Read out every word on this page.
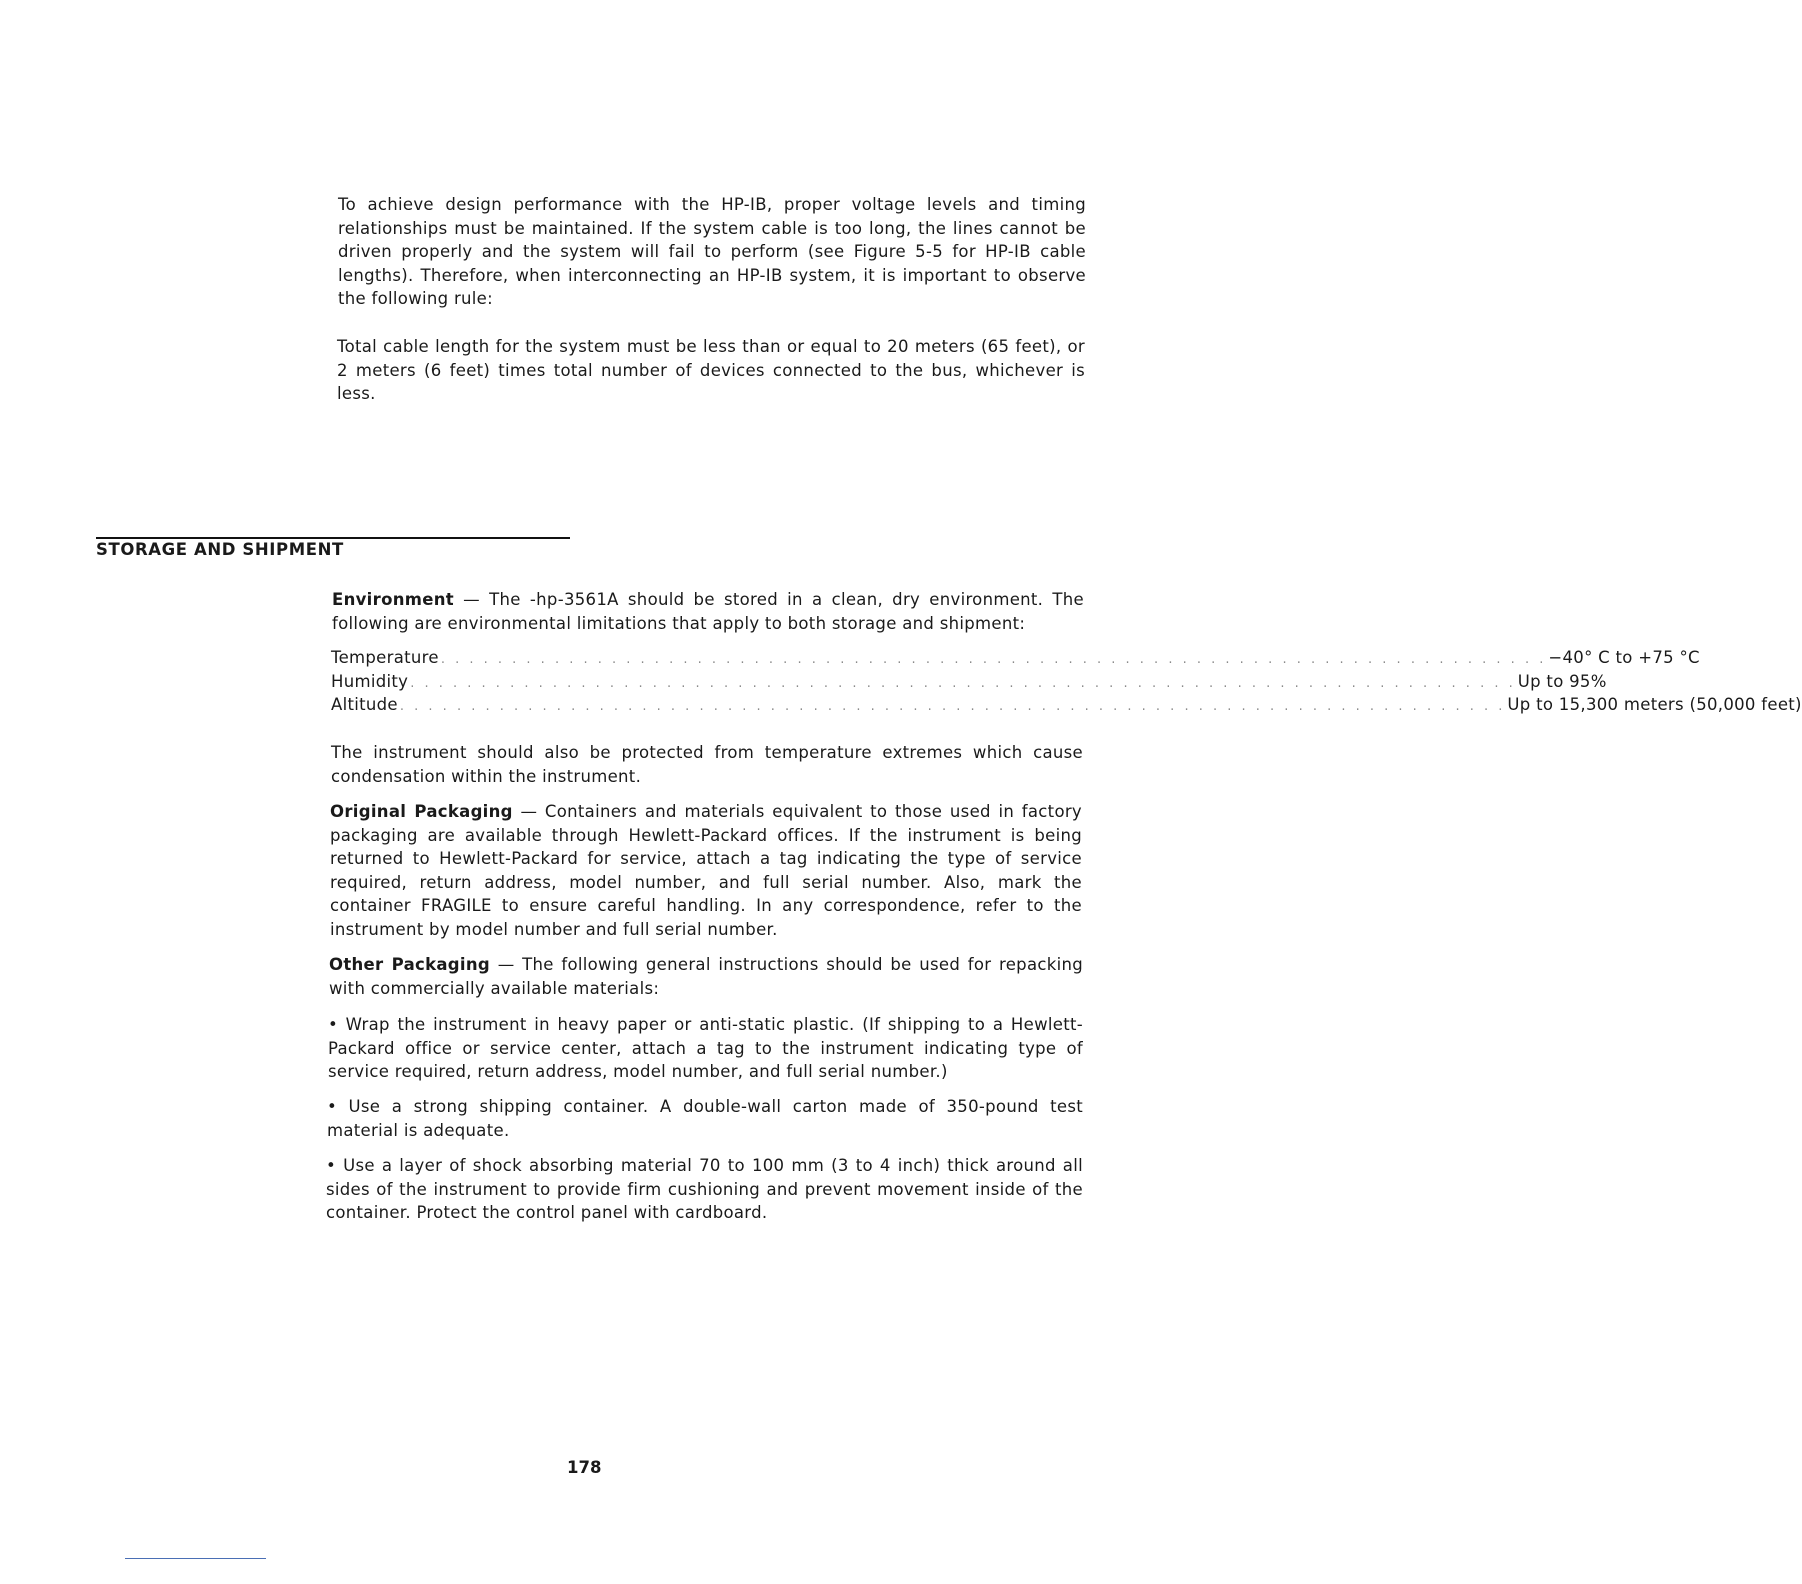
To achieve design performance with the HP-IB, proper voltage levels and timing relationships must be maintained. If the system cable is too long, the lines cannot be driven properly and the system will fail to perform (see Figure 5-5 for HP-IB cable lengths). Therefore, when interconnecting an HP-IB system, it is important to observe the following rule:

Total cable length for the system must be less than or equal to 20 meters (65 feet), or 2 meters (6 feet) times total number of devices connected to the bus, whichever is less.

STORAGE AND SHIPMENT

Environment — The -hp-3561A should be stored in a clean, dry environment. The following are environmental limitations that apply to both storage and shipment:

Temperature . . . . . . . . . . . . . . . . . . . . . . . . . . . . . . . . . . . . . . . . . . . . . . . . . . . . . . . . . . . . . . . . . . . . . . . . . . . . . . −40° C to +75 °C
Humidity . . . . . . . . . . . . . . . . . . . . . . . . . . . . . . . . . . . . . . . . . . . . . . . . . . . . . . . . . . . . . . . . . . . . . . . . . . . . . . Up to 95%
Altitude . . . . . . . . . . . . . . . . . . . . . . . . . . . . . . . . . . . . . . . . . . . . . . . . . . . . . . . . . . . . . . . . . . . . . . . . . . . . . . Up to 15,300 meters (50,000 feet)

The instrument should also be protected from temperature extremes which cause condensation within the instrument.

Original Packaging — Containers and materials equivalent to those used in factory packaging are available through Hewlett-Packard offices. If the instrument is being returned to Hewlett-Packard for service, attach a tag indicating the type of service required, return address, model number, and full serial number. Also, mark the container FRAGILE to ensure careful handling. In any correspondence, refer to the instrument by model number and full serial number.

Other Packaging — The following general instructions should be used for repacking with commercially available materials:

• Wrap the instrument in heavy paper or anti-static plastic. (If shipping to a Hewlett-Packard office or service center, attach a tag to the instrument indicating type of service required, return address, model number, and full serial number.)

• Use a strong shipping container. A double-wall carton made of 350-pound test material is adequate.

• Use a layer of shock absorbing material 70 to 100 mm (3 to 4 inch) thick around all sides of the instrument to provide firm cushioning and prevent movement inside of the container. Protect the control panel with cardboard.

178
